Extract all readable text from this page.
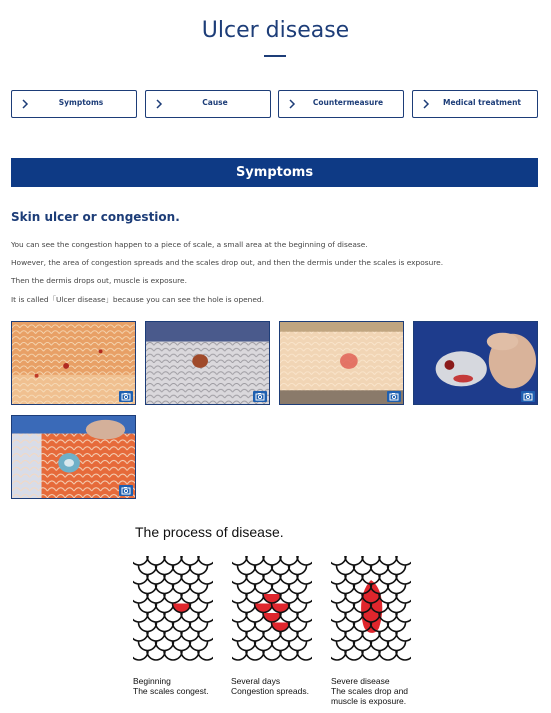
Ulcer disease
Symptoms	Cause	Countermeasure	Medical treatment
Symptoms
Skin ulcer or congestion.
You can see the congestion happen to a piece of scale, a small area at the beginning of disease.
However, the area of congestion spreads and the scales drop out, and then the dermis under the scales is exposure.
Then the dermis drops out, muscle is exposure.
It is called「Ulcer disease」because you can see the hole is opened.
The process of disease.
Beginning
The scales congest.
Several days
Congestion spreads.
Severe disease
The scales drop and
muscle is exposure.
